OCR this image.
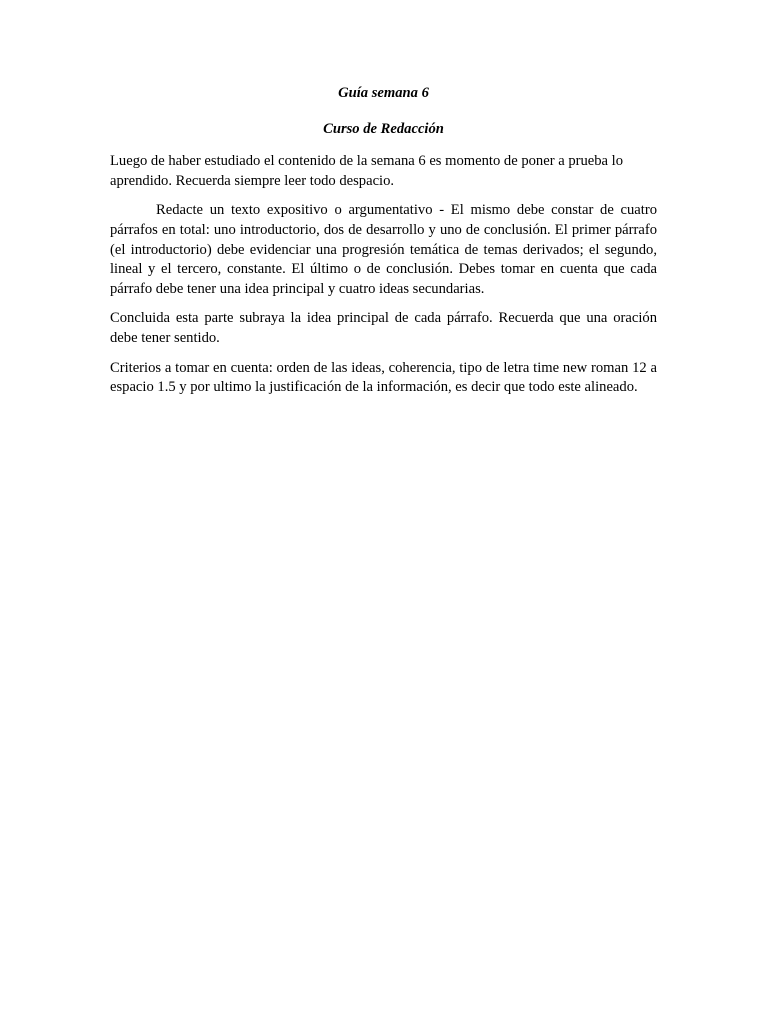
Guía semana 6
Curso de Redacción

Luego de haber estudiado el contenido de la semana 6 es momento de poner a prueba lo aprendido. Recuerda siempre leer todo despacio.

Redacte un texto expositivo o argumentativo - El mismo debe constar de cuatro párrafos en total: uno introductorio, dos de desarrollo y uno de conclusión. El primer párrafo (el introductorio) debe evidenciar una progresión temática de temas derivados; el segundo, lineal y el tercero, constante. El último o de conclusión. Debes tomar en cuenta que cada párrafo debe tener una idea principal y cuatro ideas secundarias.

Concluida esta parte subraya la idea principal de cada párrafo. Recuerda que una oración debe tener sentido.

Criterios a tomar en cuenta: orden de las ideas, coherencia, tipo de letra time new roman 12 a espacio 1.5 y por ultimo la justificación de la información, es decir que todo este alineado.
